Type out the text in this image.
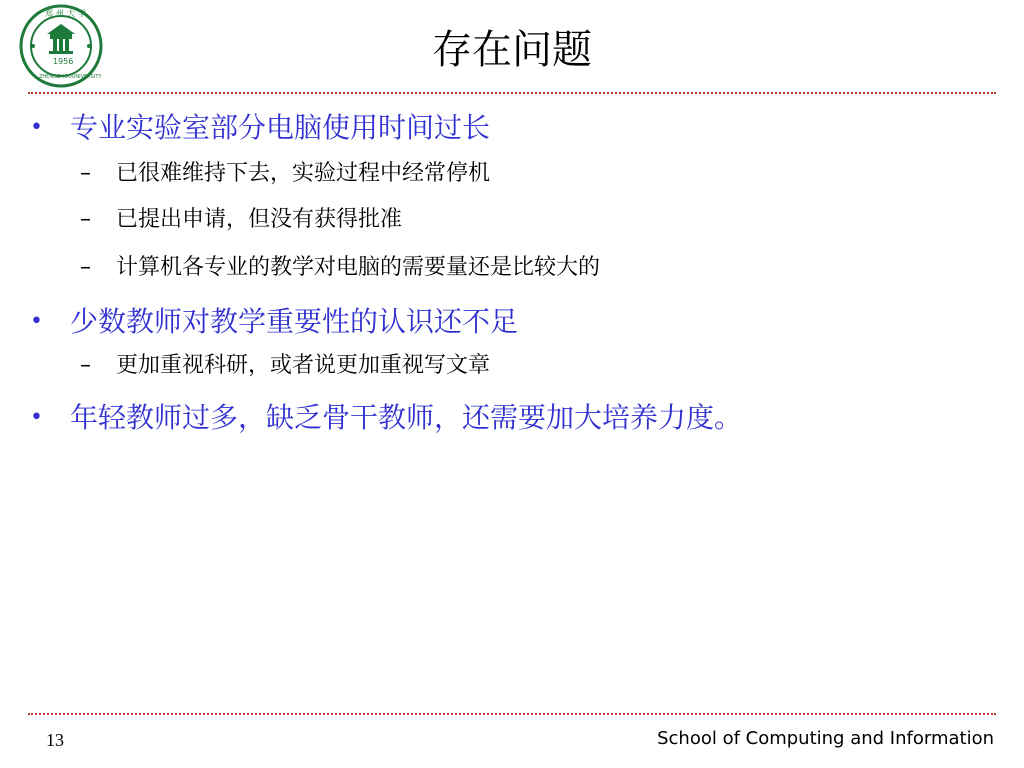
郑州大学
ZHENGZHOUUNIVERSITY
1956	存在问题
• 专业实验室部分电脑使用时间过长
– 已很难维持下去，实验过程中经常停机
– 已提出申请，但没有获得批准
– 计算机各专业的教学对电脑的需要量还是比较大的
• 少数教师对教学重要性的认识还不足
– 更加重视科研，或者说更加重视写文章
• 年轻教师过多，缺乏骨干教师，还需要加大培养力度。
13	School of Computing and Information
